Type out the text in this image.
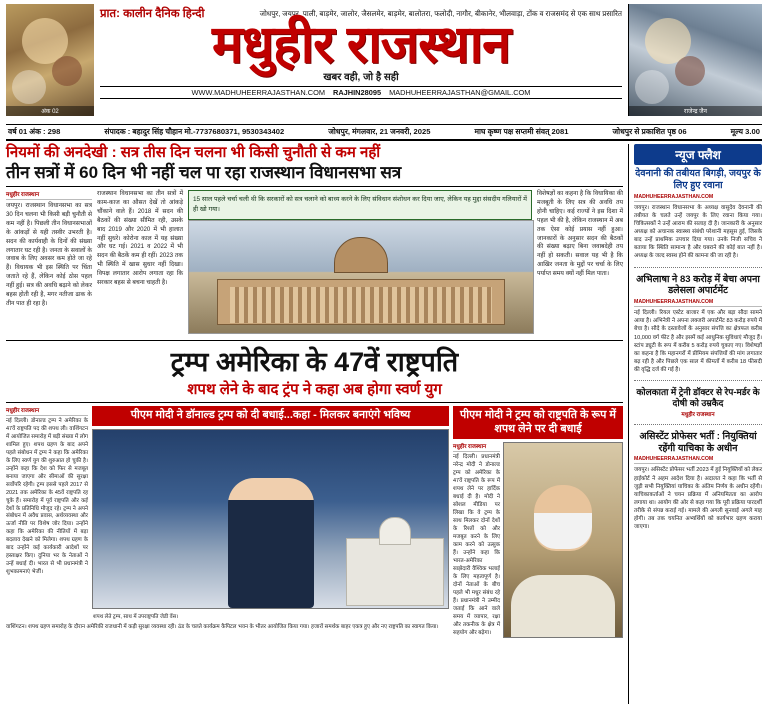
अंक 02
प्रात: कालीन दैनिक हिन्दी	जोधपुर, जयपुर, पाली, बाड़मेर, जालोर, जैसलमेर, बाड़मेर, बालोतरा, फलोदी, नागौर, बीकानेर, भीलवाड़ा, टोंक व राजसमंद से एक साथ प्रसारित
मधुहीर राजस्थान
खबर वही, जो है सही
WWW.MADHUHEERRAJASTHAN.COM RAJHIN28095 MADHUHEERRAJASTHAN@GMAIL.COM
राजेन्द्र जैन
वर्ष 01 अंक : 298	संपादक : बहादुर सिंह चौहान मो.-7737680371, 9530343402	जोधपुर, मंगलवार, 21 जनवरी, 2025	माघ कृष्ण पक्ष सप्तमी संवत् 2081	जोधपुर से प्रकाशित पृष्ठ 06	मूल्य 3.00
नियमों की अनदेखी : सत्र तीस दिन चलना भी किसी चुनौती से कम नहीं
तीन सत्रों में 60 दिन भी नहीं चल पा रहा राजस्थान विधानसभा सत्र
मधुहीर राजस्थान
जयपुर। राजस्थान विधानसभा का सत्र 30 दिन चलना भी किसी बड़ी चुनौती से कम नहीं है। पिछली तीन विधानसभाओं के आंकड़ों से यही तस्वीर उभरती है। सदन की कार्यवाही के दिनों की संख्या लगातार घट रही है। जनता के सवालों के जवाब के लिए अवसर कम होते जा रहे हैं। विधायक भी इस स्थिति पर चिंता जताते रहे हैं, लेकिन कोई ठोस पहल नहीं हुई। सत्र की अवधि बढ़ाने को लेकर बहस होती रही है, मगर नतीजा ढाक के तीन पात ही रहा है।
राजस्थान विधानसभा का तीन सत्रों में काम-काज का औसत देखें तो आंकड़े चौंकाने वाले हैं। 2018 में सदन की बैठकों की संख्या सीमित रही, उसके बाद 2019 और 2020 में भी हालात नहीं सुधरे। कोरोना काल में यह संख्या और घट गई। 2021 व 2022 में भी सदन की बैठकें कम ही रहीं। 2023 तक भी स्थिति में खास सुधार नहीं दिखा। विपक्ष लगातार आरोप लगाता रहा कि सरकार बहस से बचना चाहती है।
15 साल पहले चर्चा चली थी कि सरकारों को सत्र चलाने को बाध्य करने के लिए संविधान संशोधन कर दिया जाए, लेकिन यह मुद्दा संसदीय गलियारों में ही खो गया।
विशेषज्ञों का कहना है कि विधायिका की मजबूती के लिए सत्र की अवधि तय होनी चाहिए। कई राज्यों ने इस दिशा में पहल भी की है, लेकिन राजस्थान में अब तक ऐसा कोई प्रयास नहीं हुआ। जानकारों के अनुसार सदन की बैठकों की संख्या बढ़ाए बिना जवाबदेही तय नहीं हो सकती। सवाल यह भी है कि आखिर जनता के मुद्दों पर चर्चा के लिए पर्याप्त समय क्यों नहीं मिल पाता।
ट्रम्प अमेरिका के 47वें राष्ट्रपति
शपथ लेने के बाद ट्रंप ने कहा अब होगा स्वर्ण युग
मधुहीर राजस्थान
नई दिल्ली। डोनाल्ड ट्रम्प ने अमेरिका के 47वें राष्ट्रपति पद की शपथ ली। वाशिंगटन में आयोजित समारोह में बड़ी संख्या में लोग शामिल हुए। शपथ ग्रहण के बाद अपने पहले संबोधन में ट्रम्प ने कहा कि अमेरिका के लिए स्वर्ण युग की शुरुआत हो चुकी है। उन्होंने कहा कि देश को फिर से मजबूत बनाया जाएगा और सीमाओं की सुरक्षा सर्वोपरि रहेगी। ट्रम्प इससे पहले 2017 से 2021 तक अमेरिका के 45वें राष्ट्रपति रह चुके हैं। समारोह में पूर्व राष्ट्रपति और कई देशों के प्रतिनिधि मौजूद रहे। ट्रम्प ने अपने संबोधन में अवैध प्रवास, अर्थव्यवस्था और ऊर्जा नीति पर विशेष जोर दिया। उन्होंने कहा कि अमेरिका की नीतियों में बड़ा बदलाव देखने को मिलेगा। शपथ ग्रहण के बाद उन्होंने कई कार्यकारी आदेशों पर हस्ताक्षर किए। दुनिया भर के नेताओं ने उन्हें बधाई दी। भारत से भी प्रधानमंत्री ने शुभकामनाएं भेजीं।
पीएम मोदी ने डॉनाल्ड ट्रम्प को दी बधाई...कहा - मिलकर बनाएंगे भविष्य
शपथ लेते ट्रम्प, साथ में उपराष्ट्रपति जेडी वेंस।
पीएम मोदी ने ट्रम्प को राष्ट्रपति के रूप में शपथ लेने पर दी बधाई
मधुहीर राजस्थान
नई दिल्ली। प्रधानमंत्री नरेन्द्र मोदी ने डोनाल्ड ट्रम्प को अमेरिका के 47वें राष्ट्रपति के रूप में शपथ लेने पर हार्दिक बधाई दी है। मोदी ने सोशल मीडिया पर लिखा कि वे ट्रम्प के साथ मिलकर दोनों देशों के रिश्तों को और मजबूत करने के लिए काम करने को उत्सुक हैं। उन्होंने कहा कि भारत-अमेरिका साझेदारी वैश्विक भलाई के लिए महत्वपूर्ण है। दोनों नेताओं के बीच पहले भी मधुर संबंध रहे हैं। प्रधानमंत्री ने उम्मीद जताई कि आने वाले समय में व्यापार, रक्षा और तकनीक के क्षेत्र में सहयोग और बढ़ेगा।
वाशिंगटन। शपथ ग्रहण समारोह के दौरान अमेरिकी राजधानी में कड़ी सुरक्षा व्यवस्था रही। ठंड के चलते कार्यक्रम कैपिटल भवन के भीतर आयोजित किया गया। हजारों समर्थक बाहर एकत्र हुए और नए राष्ट्रपति का स्वागत किया।
न्यूज फ्लैश
देवनानी की तबीयत बिगड़ी, जयपुर के लिए हुए रवाना
MADHUHEERRAJASTHAN.COM
जयपुर। राजस्थान विधानसभा के अध्यक्ष वासुदेव देवनानी की तबीयत के चलते उन्हें जयपुर के लिए रवाना किया गया। चिकित्सकों ने उन्हें आराम की सलाह दी है। जानकारी के अनुसार अध्यक्ष को अचानक स्वास्थ्य संबंधी परेशानी महसूस हुई, जिसके बाद उन्हें प्राथमिक उपचार दिया गया। उनके निजी सचिव ने बताया कि स्थिति सामान्य है और घबराने की कोई बात नहीं है। अध्यक्ष के जल्द स्वस्थ होने की कामना की जा रही है।
अभिलाषा ने 83 करोड़ में बेचा अपना डलेसला अपार्टमेंट
MADHUHEERRAJASTHAN.COM
नई दिल्ली। रियल एस्टेट बाजार में एक और बड़ा सौदा सामने आया है। अभिनेत्री ने अपना लक्जरी अपार्टमेंट 83 करोड़ रुपये में बेचा है। सौदे के दस्तावेजों के अनुसार संपत्ति का क्षेत्रफल करीब 10,000 वर्ग फीट है और इसमें कई आधुनिक सुविधाएं मौजूद हैं। स्टांप ड्यूटी के रूप में करीब 5 करोड़ रुपये चुकाए गए। विशेषज्ञों का कहना है कि महानगरों में प्रीमियम संपत्तियों की मांग लगातार बढ़ रही है और पिछले एक साल में कीमतों में करीब 18 फीसदी की वृद्धि दर्ज की गई है।
कोलकाता में ट्रेनी डॉक्टर से रेप-मर्डर के दोषी को उम्रकैद
मधुहीर राजस्थान
असिस्टेंट प्रोफेसर भर्ती : नियुक्तियां रहेंगी याचिका के अधीन
MADHUHEERRAJASTHAN.COM
जयपुर। असिस्टेंट प्रोफेसर भर्ती 2023 में हुई नियुक्तियों को लेकर हाईकोर्ट ने अहम आदेश दिया है। अदालत ने कहा कि भर्ती से जुड़ी सभी नियुक्तियां याचिका के अंतिम निर्णय के अधीन रहेंगी। याचिकाकर्ताओं ने चयन प्रक्रिया में अनियमितता का आरोप लगाया था। आयोग की ओर से कहा गया कि पूरी प्रक्रिया पारदर्शी तरीके से संपन्न कराई गई। मामले की अगली सुनवाई अगले माह होगी। तब तक चयनित अभ्यर्थियों को कार्यभार ग्रहण कराया जाएगा।
